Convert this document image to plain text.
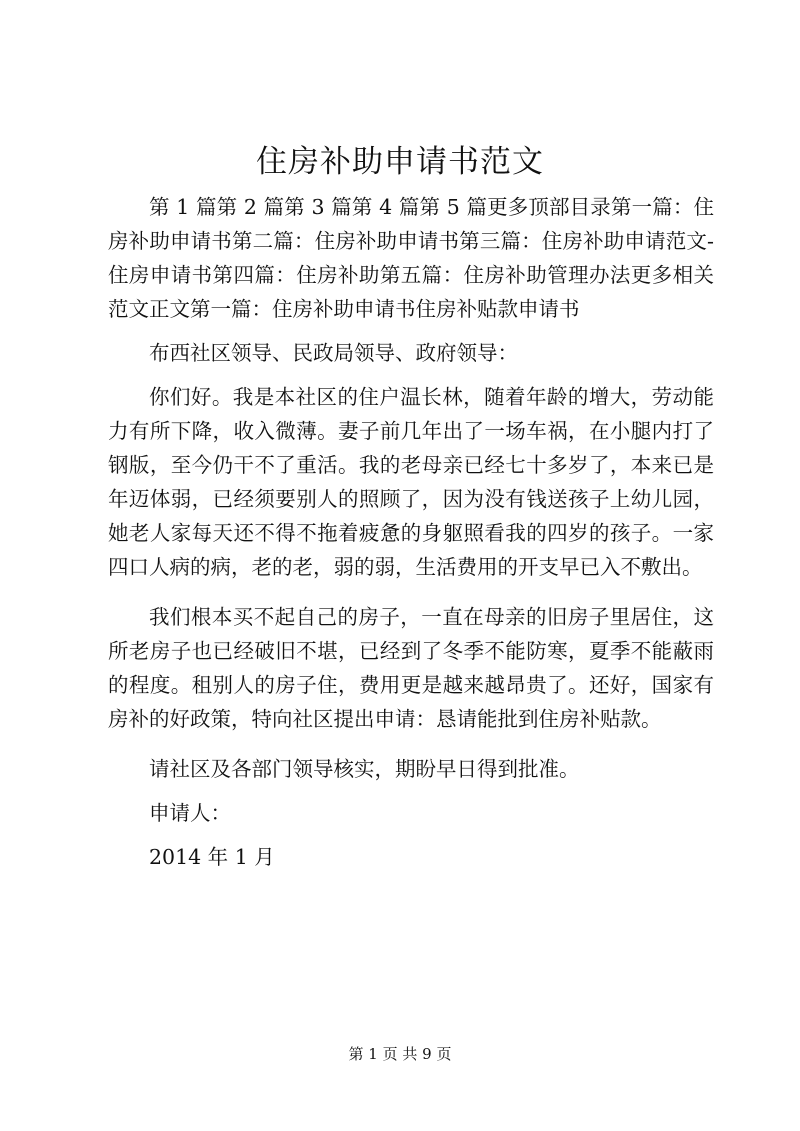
住房补助申请书范文

第 1 篇第 2 篇第 3 篇第 4 篇第 5 篇更多顶部目录第一篇：住房补助申请书第二篇：住房补助申请书第三篇：住房补助申请范文-住房申请书第四篇：住房补助第五篇：住房补助管理办法更多相关范文正文第一篇：住房补助申请书住房补贴款申请书

布西社区领导、民政局领导、政府领导：

你们好。我是本社区的住户温长林，随着年龄的增大，劳动能力有所下降，收入微薄。妻子前几年出了一场车祸，在小腿内打了钢版，至今仍干不了重活。我的老母亲已经七十多岁了，本来已是年迈体弱，已经须要别人的照顾了，因为没有钱送孩子上幼儿园，她老人家每天还不得不拖着疲惫的身躯照看我的四岁的孩子。一家四口人病的病，老的老，弱的弱，生活费用的开支早已入不敷出。

我们根本买不起自己的房子，一直在母亲的旧房子里居住，这所老房子也已经破旧不堪，已经到了冬季不能防寒，夏季不能蔽雨的程度。租别人的房子住，费用更是越来越昂贵了。还好，国家有房补的好政策，特向社区提出申请：恳请能批到住房补贴款。

请社区及各部门领导核实，期盼早日得到批准。

申请人：

2014 年 1 月

第 1 页 共 9 页
